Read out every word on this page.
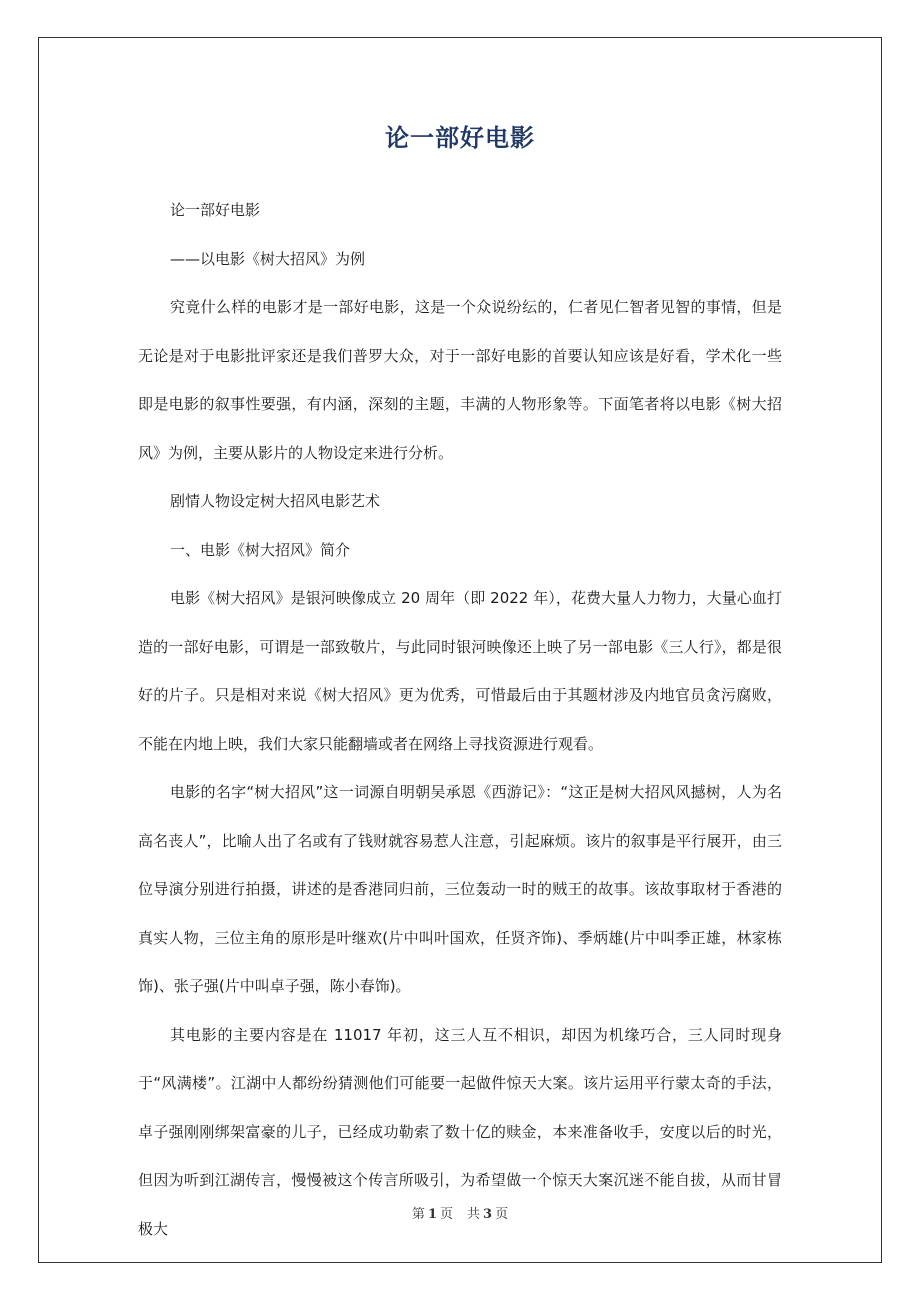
论一部好电影

论一部好电影

——以电影《树大招风》为例

究竟什么样的电影才是一部好电影，这是一个众说纷纭的，仁者见仁智者见智的事情，但是无论是对于电影批评家还是我们普罗大众，对于一部好电影的首要认知应该是好看，学术化一些即是电影的叙事性要强，有内涵，深刻的主题，丰满的人物形象等。下面笔者将以电影《树大招风》为例，主要从影片的人物设定来进行分析。

剧情人物设定树大招风电影艺术

一、电影《树大招风》简介

电影《树大招风》是银河映像成立 20 周年（即 2022 年），花费大量人力物力，大量心血打造的一部好电影，可谓是一部致敬片，与此同时银河映像还上映了另一部电影《三人行》，都是很好的片子。只是相对来说《树大招风》更为优秀，可惜最后由于其题材涉及内地官员贪污腐败，不能在内地上映，我们大家只能翻墙或者在网络上寻找资源进行观看。

电影的名字“树大招风”这一词源自明朝吴承恩《西游记》：“这正是树大招风风撼树，人为名高名丧人”，比喻人出了名或有了钱财就容易惹人注意，引起麻烦。该片的叙事是平行展开，由三位导演分别进行拍摄，讲述的是香港同归前，三位轰动一时的贼王的故事。该故事取材于香港的真实人物，三位主角的原形是叶继欢(片中叫叶国欢，任贤齐饰)、季炳雄(片中叫季正雄，林家栋饰)、张子强(片中叫卓子强，陈小春饰)。

其电影的主要内容是在 11017 年初，这三人互不相识，却因为机缘巧合，三人同时现身于“风满楼”。江湖中人都纷纷猜测他们可能要一起做件惊天大案。该片运用平行蒙太奇的手法，卓子强刚刚绑架富豪的儿子，已经成功勒索了数十亿的赎金，本来准备收手，安度以后的时光，但因为听到江湖传言，慢慢被这个传言所吸引，为希望做一个惊天大案沉迷不能自拔，从而甘冒极大

第 1 页 共 3 页
